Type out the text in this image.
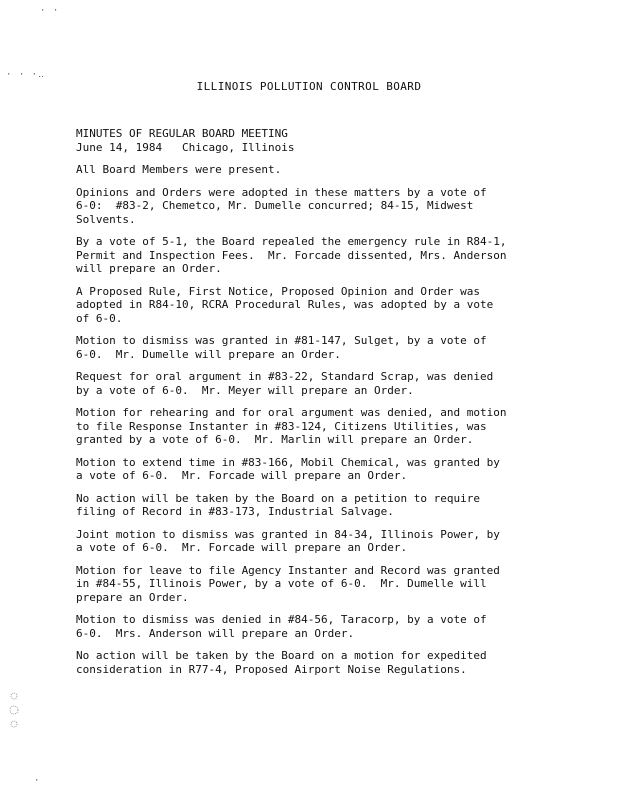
· ·
· · ·‥
·
ILLINOIS POLLUTION CONTROL BOARD
MINUTES OF REGULAR BOARD MEETING
June 14, 1984   Chicago, Illinois
All Board Members were present.
Opinions and Orders were adopted in these matters by a vote of
6-0:  #83-2, Chemetco, Mr. Dumelle concurred; 84-15, Midwest
Solvents.
By a vote of 5-1, the Board repealed the emergency rule in R84-1,
Permit and Inspection Fees.  Mr. Forcade dissented, Mrs. Anderson
will prepare an Order.
A Proposed Rule, First Notice, Proposed Opinion and Order was
adopted in R84-10, RCRA Procedural Rules, was adopted by a vote
of 6-0.
Motion to dismiss was granted in #81-147, Sulget, by a vote of
6-0.  Mr. Dumelle will prepare an Order.
Request for oral argument in #83-22, Standard Scrap, was denied
by a vote of 6-0.  Mr. Meyer will prepare an Order.
Motion for rehearing and for oral argument was denied, and motion
to file Response Instanter in #83-124, Citizens Utilities, was
granted by a vote of 6-0.  Mr. Marlin will prepare an Order.
Motion to extend time in #83-166, Mobil Chemical, was granted by
a vote of 6-0.  Mr. Forcade will prepare an Order.
No action will be taken by the Board on a petition to require
filing of Record in #83-173, Industrial Salvage.
Joint motion to dismiss was granted in 84-34, Illinois Power, by
a vote of 6-0.  Mr. Forcade will prepare an Order.
Motion for leave to file Agency Instanter and Record was granted
in #84-55, Illinois Power, by a vote of 6-0.  Mr. Dumelle will
prepare an Order.
Motion to dismiss was denied in #84-56, Taracorp, by a vote of
6-0.  Mrs. Anderson will prepare an Order.
No action will be taken by the Board on a motion for expedited
consideration in R77-4, Proposed Airport Noise Regulations.
